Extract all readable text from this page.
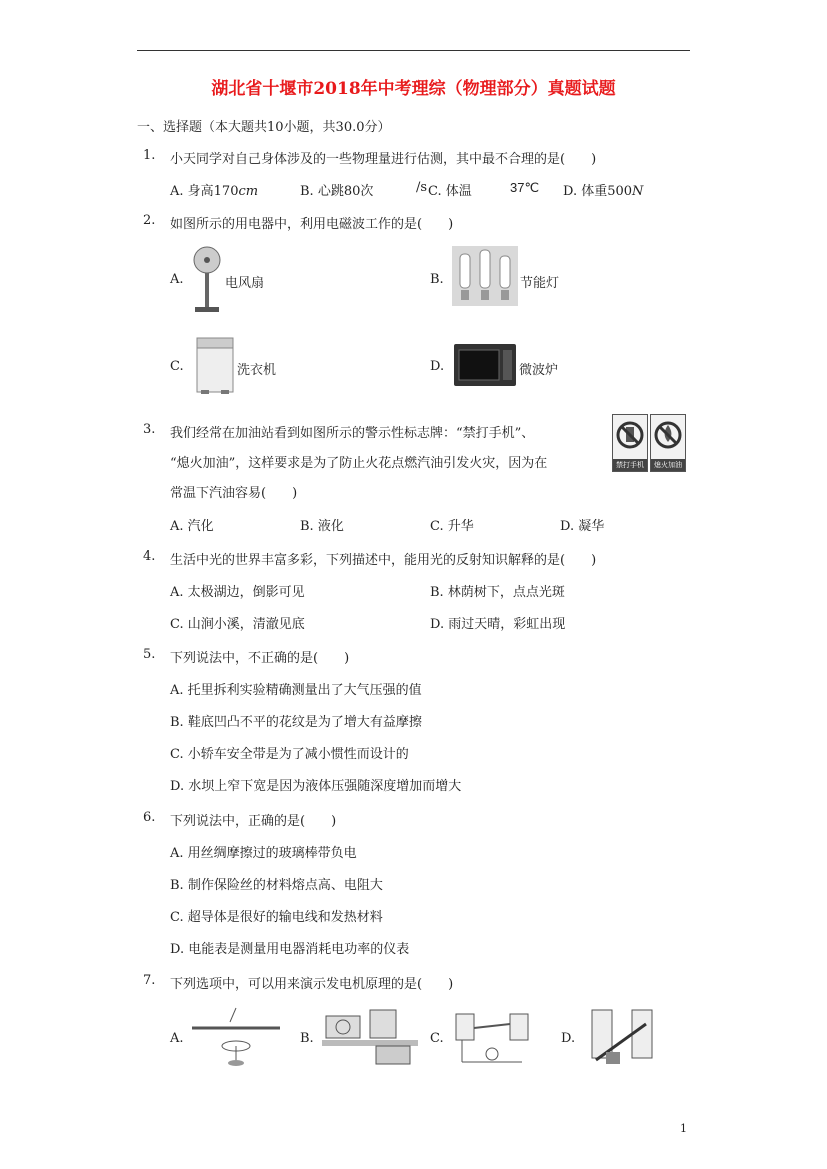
湖北省十堰市2018年中考理综（物理部分）真题试题
一、选择题（本大题共10小题，共30.0分）
1. 小天同学对自己身体涉及的一些物理量进行估测，其中最不合理的是(　　)
A. 身高170cm	B. 心跳80次	/s C. 体温	37℃ D. 体重500N
2. 如图所示的用电器中，利用电磁波工作的是(　　)
A.	电风扇	B.	节能灯
C.	洗衣机	D.	微波炉
3. 我们经常在加油站看到如图所示的警示性标志牌：“禁打手机”、
“熄火加油”，这样要求是为了防止火花点燃汽油引发火灾，因为在
常温下汽油容易(　　)
禁打手机	熄火加油
A. 汽化	B. 液化	C. 升华	D. 凝华
4. 生活中光的世界丰富多彩，下列描述中，能用光的反射知识解释的是(　　)
A. 太极湖边，倒影可见	B. 林荫树下，点点光斑
C. 山涧小溪，清澈见底	D. 雨过天晴，彩虹出现
5. 下列说法中，不正确的是(　　)
A. 托里拆利实验精确测量出了大气压强的值
B. 鞋底凹凸不平的花纹是为了增大有益摩擦
C. 小轿车安全带是为了减小惯性而设计的
D. 水坝上窄下宽是因为液体压强随深度增加而增大
6. 下列说法中，正确的是(　　)
A. 用丝绸摩擦过的玻璃棒带负电
B. 制作保险丝的材料熔点高、电阻大
C. 超导体是很好的输电线和发热材料
D. 电能表是测量用电器消耗电功率的仪表
7. 下列选项中，可以用来演示发电机原理的是(　　)
A.	B.	C.	D.
1
